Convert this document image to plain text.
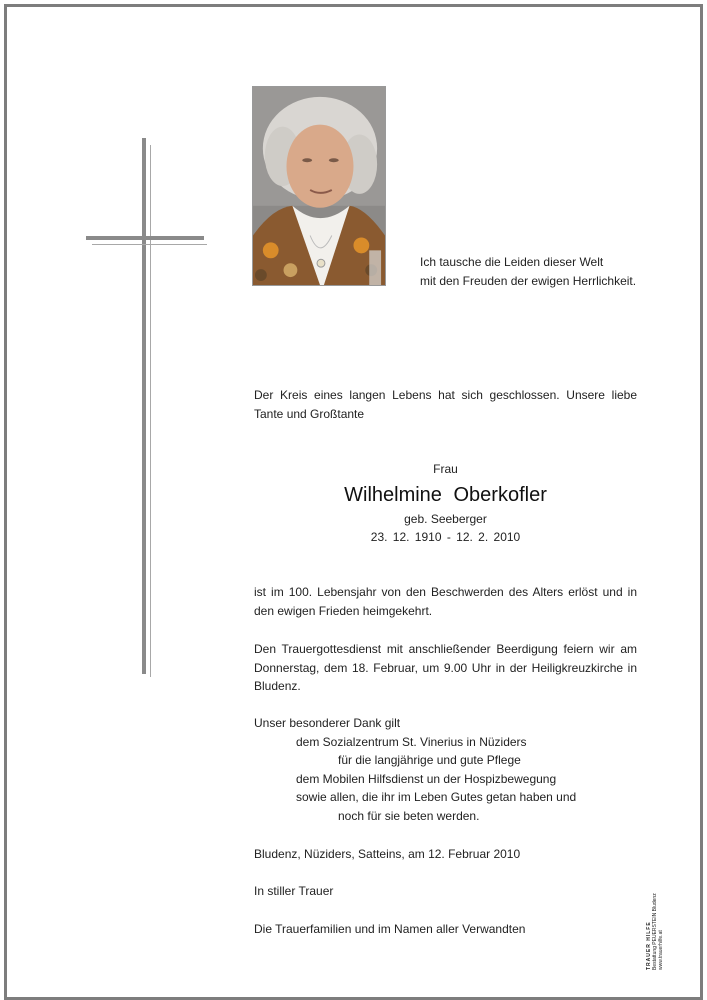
Ich tausche die Leiden dieser Welt
mit den Freuden der ewigen Herrlichkeit.
Der Kreis eines langen Lebens hat sich geschlossen. Unsere liebe
Tante und Großtante
Frau
Wilhelmine Oberkofler
geb. Seeberger
23. 12. 1910 - 12. 2. 2010
ist im 100. Lebensjahr von den Beschwerden des Alters erlöst und in
den ewigen Frieden heimgekehrt.
Den Trauergottesdienst mit anschließender Beerdigung feiern wir am
Donnerstag, dem 18. Februar, um 9.00 Uhr in der Heiligkreuzkirche in
Bludenz.
Unser besonderer Dank gilt
dem Sozialzentrum St. Vinerius in Nüziders
für die langjährige und gute Pflege
dem Mobilen Hilfsdienst un der Hospizbewegung
sowie allen, die ihr im Leben Gutes getan haben und
noch für sie beten werden.
Bludenz, Nüziders, Satteins, am 12. Februar 2010
In stiller Trauer
Die Trauerfamilien und im Namen aller Verwandten	TRAUER HILFE Bestattung PEUERSTEIN Bludenz www.trauerhilfe.at
